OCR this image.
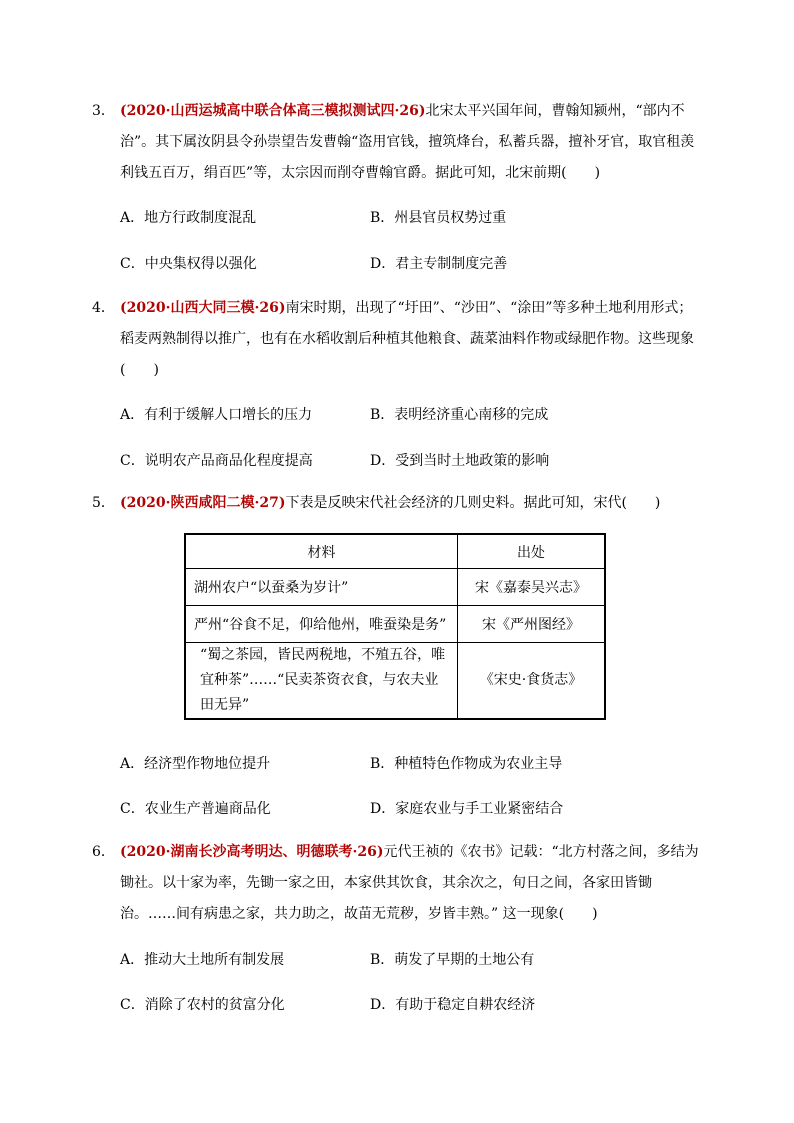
3． (2020·山西运城高中联合体高三模拟测试四·26)北宋太平兴国年间，曹翰知颍州，“部内不治”。其下属汝阴县令孙崇望告发曹翰“盗用官钱，擅筑烽台，私蓄兵器，擅补牙官，取官租羡利钱五百万，绢百匹”等，太宗因而削夺曹翰官爵。据此可知，北宋前期(　　)
A．地方行政制度混乱	B．州县官员权势过重
C．中央集权得以强化	D．君主专制制度完善
4． (2020·山西大同三模·26)南宋时期，出现了“圩田”、“沙田”、“涂田”等多种土地利用形式；稻麦两熟制得以推广，也有在水稻收割后种植其他粮食、蔬菜油料作物或绿肥作物。这些现象(　　)
A．有利于缓解人口增长的压力	B．表明经济重心南移的完成
C．说明农产品商品化程度提高	D．受到当时土地政策的影响
5． (2020·陕西咸阳二模·27)下表是反映宋代社会经济的几则史料。据此可知，宋代(　　)
材料	出处
湖州农户“以蚕桑为岁计”	宋《嘉泰吴兴志》
严州“谷食不足，仰给他州，唯蚕染是务”	宋《严州图经》
“蜀之茶园，皆民两税地，不殖五谷，唯宜种茶”……“民卖茶资衣食，与农夫业田无异”	《宋史·食货志》
A．经济型作物地位提升	B．种植特色作物成为农业主导
C．农业生产普遍商品化	D．家庭农业与手工业紧密结合
6． (2020·湖南长沙高考明达、明德联考·26)元代王祯的《农书》记载：“北方村落之间，多结为锄社。以十家为率，先锄一家之田，本家供其饮食，其余次之，旬日之间，各家田皆锄治。……间有病患之家，共力助之，故苗无荒秽，岁皆丰熟。” 这一现象(　　)
A．推动大土地所有制发展	B．萌发了早期的土地公有
C．消除了农村的贫富分化	D．有助于稳定自耕农经济
